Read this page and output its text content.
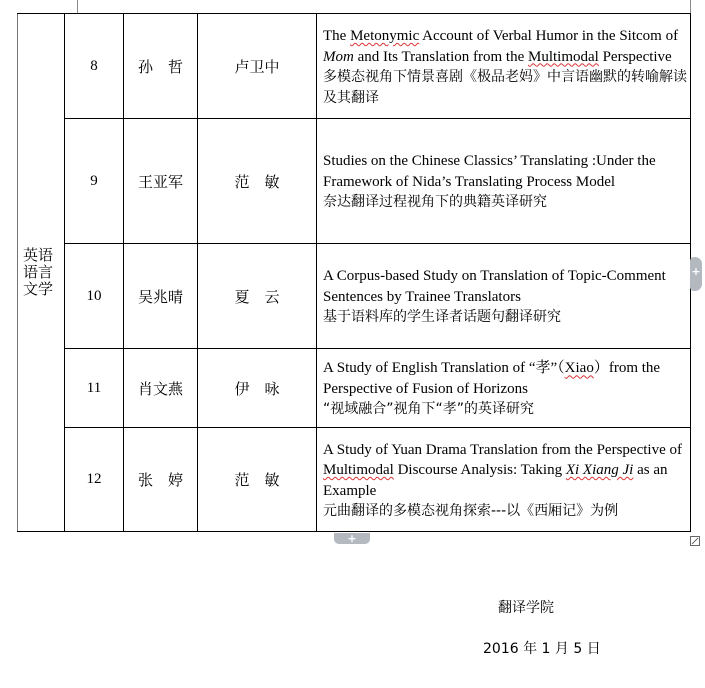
英语语言文学	8	孙　哲	卢卫中	The Metonymic Account of Verbal Humor in the Sitcom of Mom and Its Translation from the Multimodal Perspective
多模态视角下情景喜剧《极品老妈》中言语幽默的转喻解读及其翻译

	9	王亚军	范　敏	Studies on the Chinese Classics’ Translating :Under the Framework of Nida’s Translating Process Model
奈达翻译过程视角下的典籍英译研究

	10	吴兆晴	夏　云	A Corpus-based Study on Translation of Topic-Comment Sentences by Trainee Translators
基于语料库的学生译者话题句翻译研究

	11	肖文燕	伊　咏	A Study of English Translation of “孝”（Xiao）from the Perspective of Fusion of Horizons
“视域融合”视角下“孝”的英译研究

	12	张　婷	范　敏	A Study of Yuan Drama Translation from the Perspective of Multimodal Discourse Analysis: Taking Xi Xiang Ji as an Example
元曲翻译的多模态视角探索---以《西厢记》为例
+
+
翻译学院
2016 年 1 月 5 日
